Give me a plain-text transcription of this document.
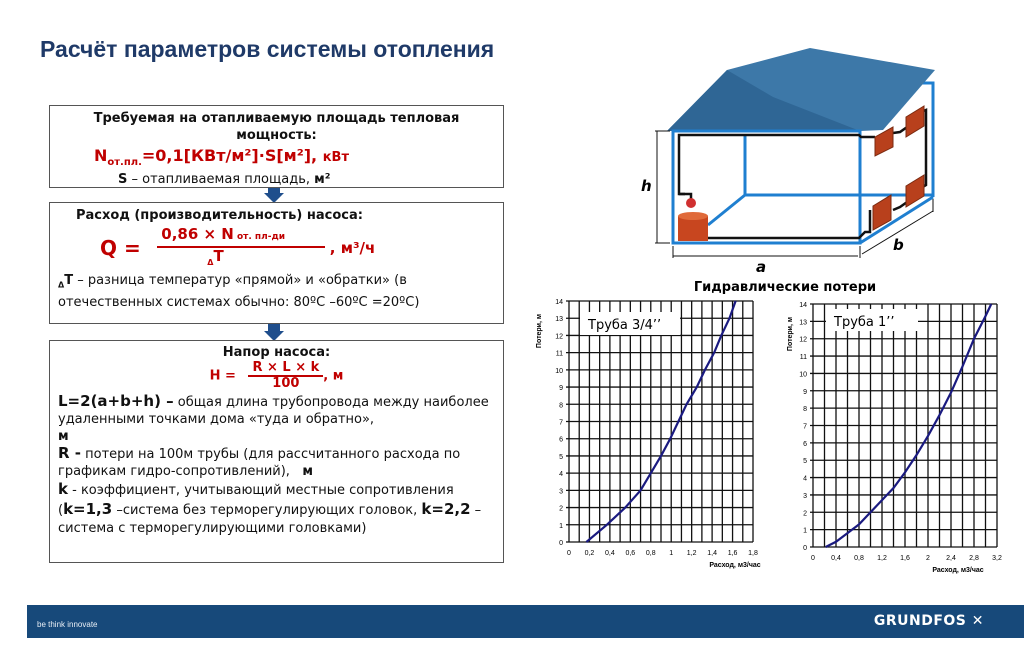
Расчёт параметров системы отопления
Требуемая на отапливаемую площадь тепловая мощность:
$N_{от.пл.}=0,1[КВт/м^2]\cdot S[м^2]$, кВт
S – отапливаемая площадь, м²
Расход (производительность) насоса:
$Q = \frac{\text{0,86 × N от. пл-ди}}{_\Delta T}$ , м³/ч
$_\Delta$T – разница температур «прямой» и «обратки» (в отечественных системах обычно: 80ºС –60ºС =20ºС)
Напор насоса:
$H = \frac{R \times L \times k}{100}$ , м
L=2(a+b+h) – общая длина трубопровода между наиболее удаленными точками дома «туда и обратно»,
м
R - потери на 100м трубы (для рассчитанного расхода по графикам гидро-сопротивлений), м
k - коэффициент, учитывающий местные сопротивления (k=1,3 –система без терморегулирующих головок, k=2,2 – система с терморегулирующими головками)
h
a
b
Гидравлические потери
0
1
2
3
4
5
6
7
8
9
10
11
12
13
14
0 0,2 0,4 0,6 0,8 1 1,2 1,4 1,6 1,8
Труба 3/4’’
Потери, м
Расход, м3/час
0
1
2
3
4
5
6
7
8
9
10
11
12
13
14
0 0,4 0,8 1,2 1,6 2 2,4 2,8 3,2
Труба 1’’
Потери, м
Расход, м3/час
be think innovate	GRUNDFOS ✕
